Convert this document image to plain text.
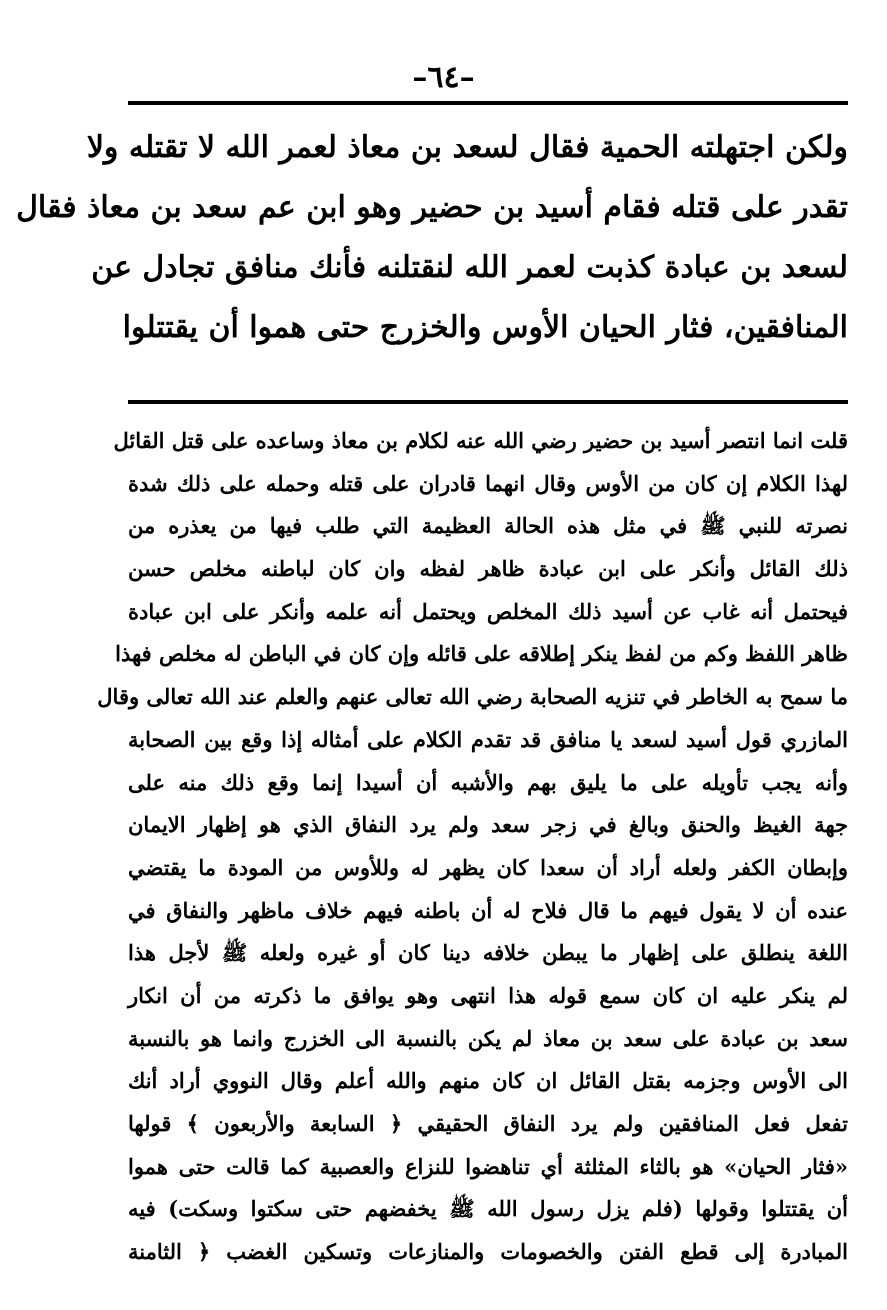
–٦٤–
ولكن اجتهلته الحمية فقال لسعد بن معاذ لعمر الله لا تقتله ولا
تقدر على قتله فقام أسيد بن حضير وهو ابن عم سعد بن معاذ فقال
لسعد بن عبادة كذبت لعمر الله لنقتلنه فأنك منافق تجادل عن
المنافقين، فثار الحيان الأوس والخزرج حتى هموا أن يقتتلوا
قلت انما انتصر أسيد بن حضير رضي الله عنه لكلام بن معاذ وساعده على قتل القائل
لهذا الكلام إن كان من الأوس وقال انهما قادران على قتله وحمله على ذلك شدة
نصرته للنبي ﷺ في مثل هذه الحالة العظيمة التي طلب فيها من يعذره من
ذلك القائل وأنكر على ابن عبادة ظاهر لفظه وان كان لباطنه مخلص حسن
فيحتمل أنه غاب عن أسيد ذلك المخلص ويحتمل أنه علمه وأنكر على ابن عبادة
ظاهر اللفظ وكم من لفظ ينكر إطلاقه على قائله وإن كان في الباطن له مخلص فهذا
ما سمح به الخاطر في تنزيه الصحابة رضي الله تعالى عنهم والعلم عند الله تعالى وقال
المازري قول أسيد لسعد يا منافق قد تقدم الكلام على أمثاله إذا وقع بين الصحابة
وأنه يجب تأويله على ما يليق بهم والأشبه أن أسيدا إنما وقع ذلك منه على
جهة الغيظ والحنق وبالغ في زجر سعد ولم يرد النفاق الذي هو إظهار الايمان
وإبطان الكفر ولعله أراد أن سعدا كان يظهر له وللأوس من المودة ما يقتضي
عنده أن لا يقول فيهم ما قال فلاح له أن باطنه فيهم خلاف ماظهر والنفاق في
اللغة ينطلق على إظهار ما يبطن خلافه دينا كان أو غيره ولعله ﷺ لأجل هذا
لم ينكر عليه ان كان سمع قوله هذا انتهى وهو يوافق ما ذكرته من أن انكار
سعد بن عبادة على سعد بن معاذ لم يكن بالنسبة الى الخزرج وانما هو بالنسبة
الى الأوس وجزمه بقتل القائل ان كان منهم والله أعلم وقال النووي أراد أنك
تفعل فعل المنافقين ولم يرد النفاق الحقيقي ﴿ السابعة والأربعون ﴾ قولها
«فثار الحيان» هو بالثاء المثلثة أي تناهضوا للنزاع والعصبية كما قالت حتى هموا
أن يقتتلوا وقولها (فلم يزل رسول الله ﷺ يخفضهم حتى سكتوا وسكت) فيه
المبادرة إلى قطع الفتن والخصومات والمنازعات وتسكين الغضب ﴿ الثامنة
